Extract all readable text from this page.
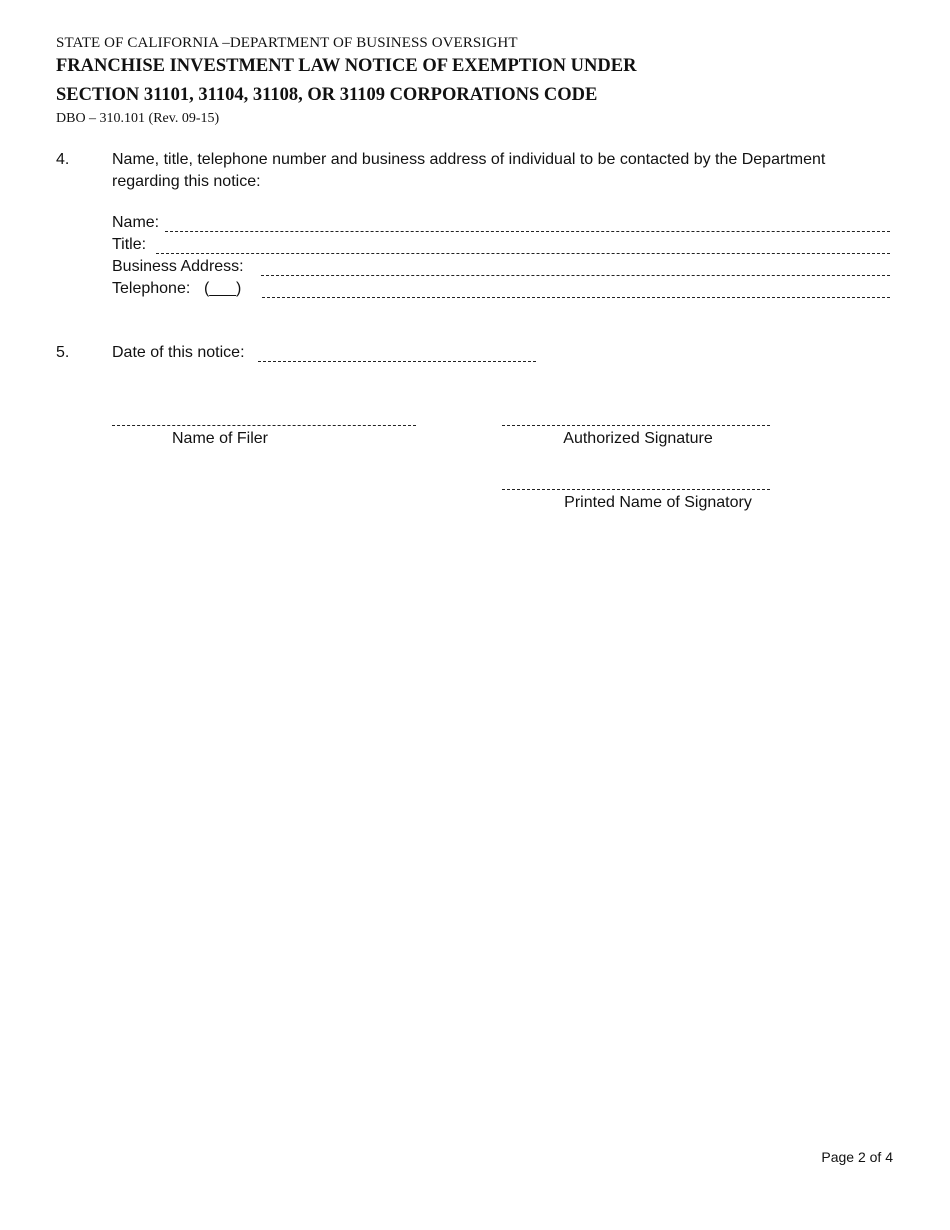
STATE OF CALIFORNIA –DEPARTMENT OF BUSINESS OVERSIGHT
FRANCHISE INVESTMENT LAW NOTICE OF EXEMPTION UNDER
SECTION 31101, 31104, 31108, OR 31109 CORPORATIONS CODE
DBO – 310.101 (Rev. 09-15)
4.	Name, title, telephone number and business address of individual to be contacted by the Department
regarding this notice:
Name:
Title:
Business Address:
Telephone: (___)
5.	Date of this notice:
Name of Filer	Authorized Signature
Printed Name of Signatory
Page 2 of 4
